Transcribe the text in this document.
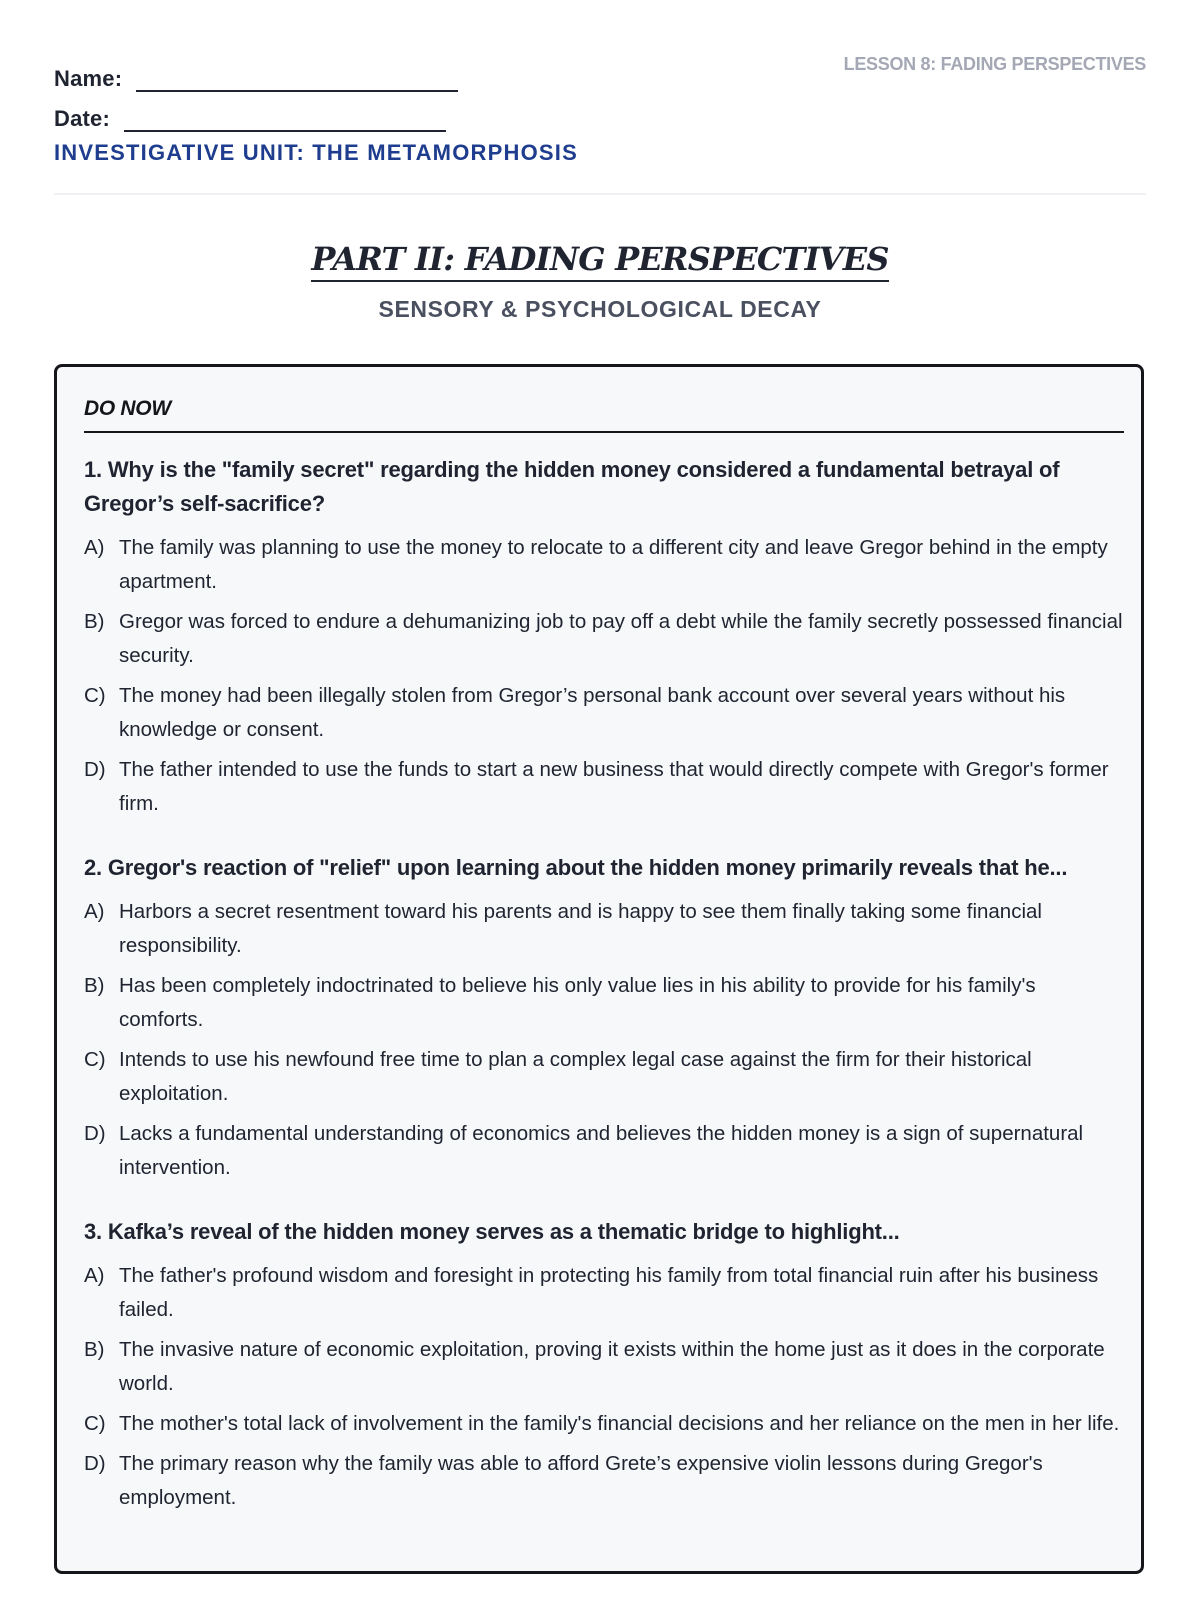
Name:
Date:
INVESTIGATIVE UNIT: THE METAMORPHOSIS
LESSON 8: FADING PERSPECTIVES
PART II: FADING PERSPECTIVES
SENSORY & PSYCHOLOGICAL DECAY
DO NOW
1. Why is the "family secret" regarding the hidden money considered a fundamental betrayal of Gregor’s self-sacrifice?
A) The family was planning to use the money to relocate to a different city and leave Gregor behind in the empty apartment.
B) Gregor was forced to endure a dehumanizing job to pay off a debt while the family secretly possessed financial security.
C) The money had been illegally stolen from Gregor’s personal bank account over several years without his knowledge or consent.
D) The father intended to use the funds to start a new business that would directly compete with Gregor's former firm.
2. Gregor's reaction of "relief" upon learning about the hidden money primarily reveals that he...
A) Harbors a secret resentment toward his parents and is happy to see them finally taking some financial responsibility.
B) Has been completely indoctrinated to believe his only value lies in his ability to provide for his family's comforts.
C) Intends to use his newfound free time to plan a complex legal case against the firm for their historical exploitation.
D) Lacks a fundamental understanding of economics and believes the hidden money is a sign of supernatural intervention.
3. Kafka’s reveal of the hidden money serves as a thematic bridge to highlight...
A) The father's profound wisdom and foresight in protecting his family from total financial ruin after his business failed.
B) The invasive nature of economic exploitation, proving it exists within the home just as it does in the corporate world.
C) The mother's total lack of involvement in the family's financial decisions and her reliance on the men in her life.
D) The primary reason why the family was able to afford Grete’s expensive violin lessons during Gregor's employment.
